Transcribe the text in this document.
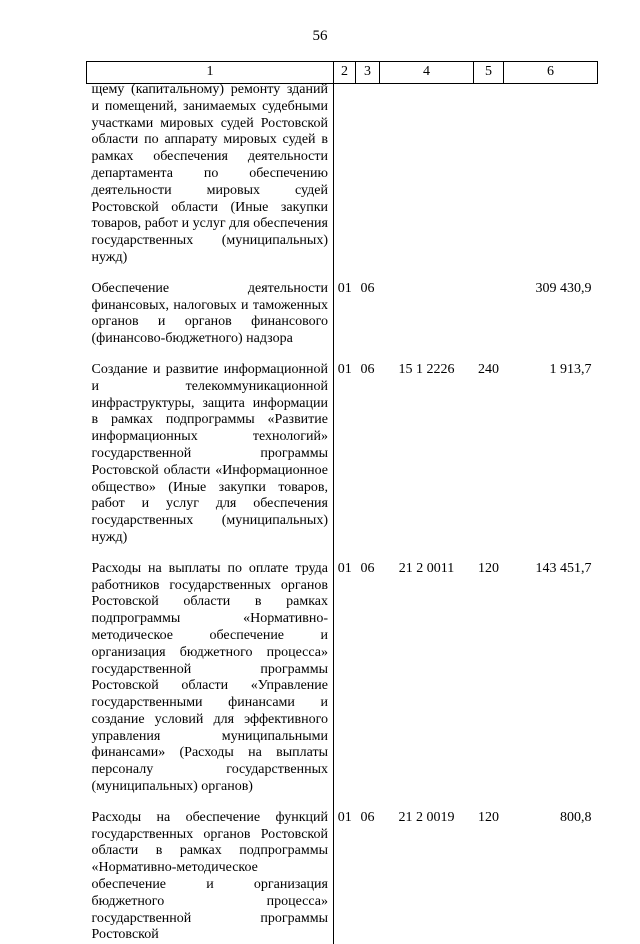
56
1	2	3	4	5	6

щему (капитальному) ремонту зданий и помещений, занимаемых судебными участками мировых судей Ростовской области по аппарату мировых судей в рамках обеспечения деятельности департамента по обеспечению деятельности мировых судей Ростовской области (Иные закупки товаров, работ и услуг для обеспечения государственных (муниципальных) нужд)					

Обеспечение деятельности финансовых, налоговых и таможенных органов и органов финансового (финансово-бюджетного) надзора	01	06			309 430,9

Создание и развитие информационной и телекоммуникационной инфраструктуры, защита информации в рамках подпрограммы «Развитие информационных технологий» государственной программы Ростовской области «Информационное общество» (Иные закупки товаров, работ и услуг для обеспечения государственных (муниципальных) нужд)	01	06	15 1 2226	240	1 913,7

Расходы на выплаты по оплате труда работников государственных органов Ростовской области в рамках подпрограммы «Нормативно-методическое обеспечение и организация бюджетного процесса» государственной программы Ростовской области «Управление государственными финансами и создание условий для эффективного управления муниципальными финансами» (Расходы на выплаты персоналу государственных (муниципальных) органов)	01	06	21 2 0011	120	143 451,7

Расходы на обеспечение функций государственных органов Ростовской области в рамках подпрограммы «Нормативно-методическое обеспечение и организация бюджетного процесса» государственной программы Ростовской	01	06	21 2 0019	120	800,8
